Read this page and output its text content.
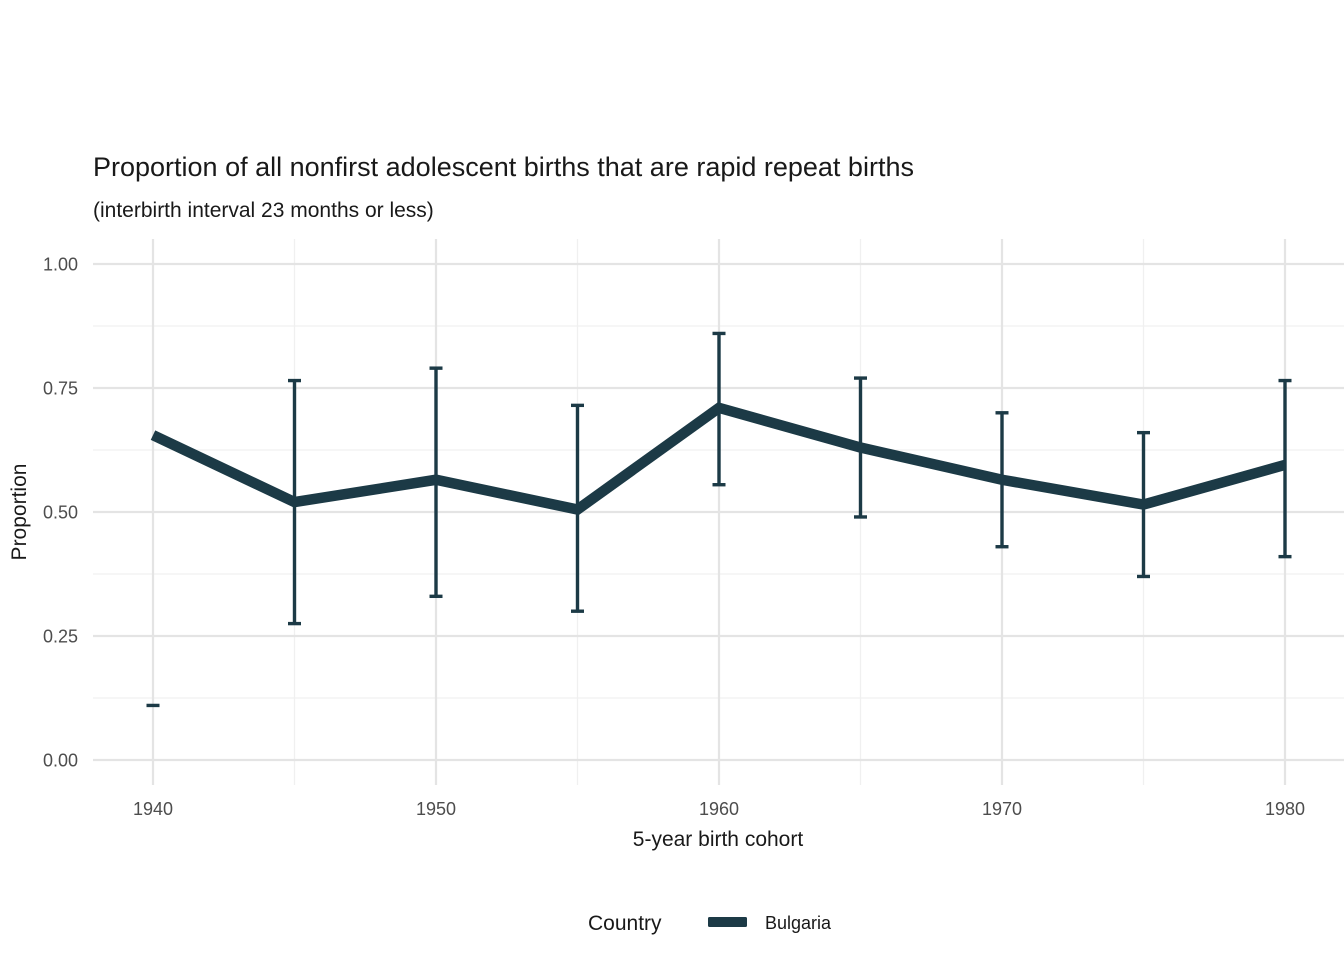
0.00
0.25
0.50
0.75
1.00
1940	1950	1960	1970	1980
Proportion of all nonfirst adolescent births that are rapid repeat births
(interbirth interval 23 months or less)
5-year birth cohort
Proportion
Country	Bulgaria
